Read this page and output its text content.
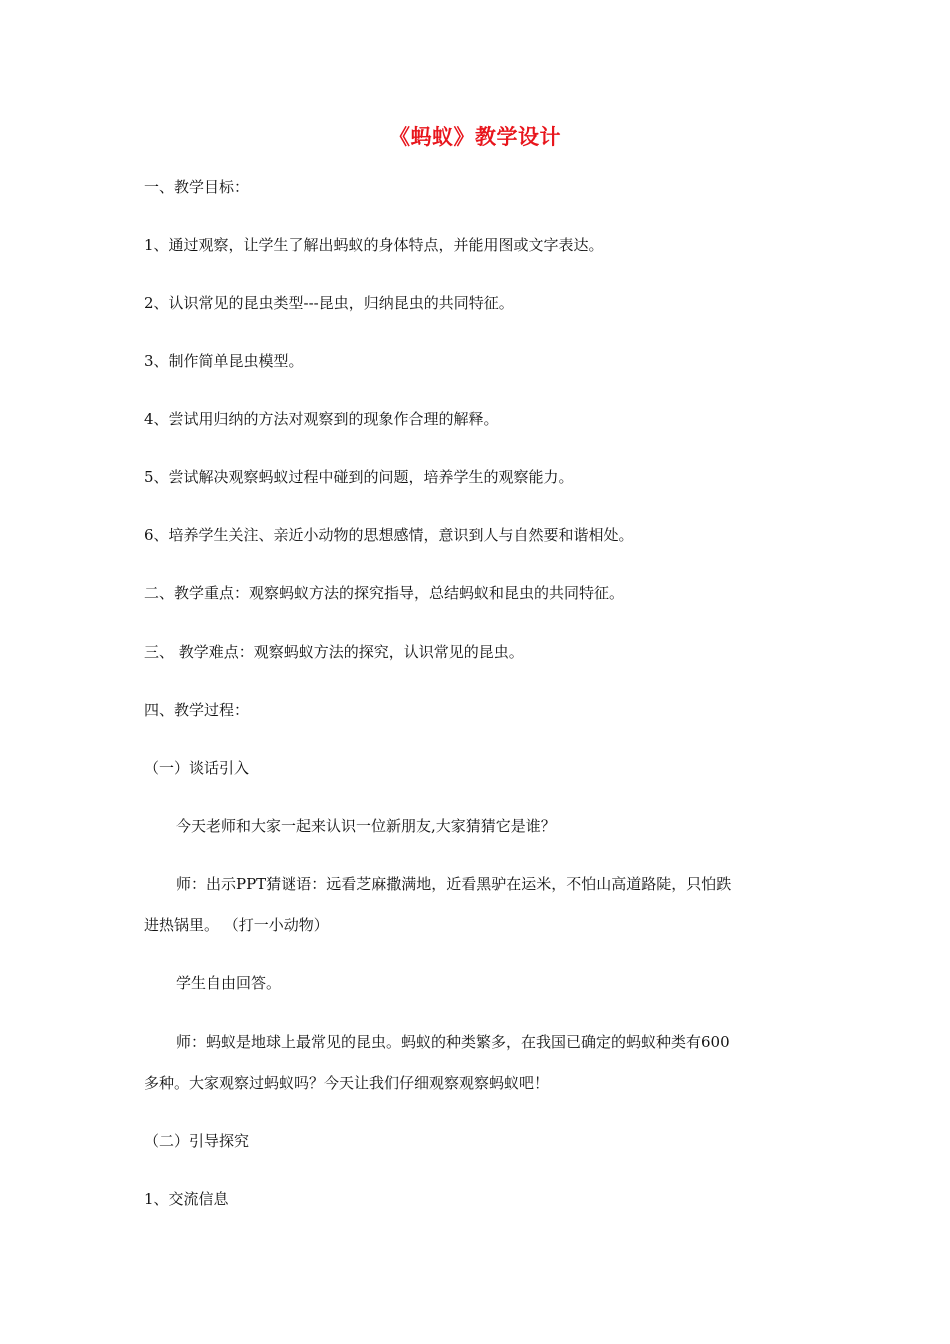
《蚂蚁》教学设计
一、教学目标：
1、通过观察，让学生了解出蚂蚁的身体特点，并能用图或文字表达。
2、认识常见的昆虫类型---昆虫，归纳昆虫的共同特征。
3、制作简单昆虫模型。
4、尝试用归纳的方法对观察到的现象作合理的解释。
5、尝试解决观察蚂蚁过程中碰到的问题，培养学生的观察能力。
6、培养学生关注、亲近小动物的思想感情，意识到人与自然要和谐相处。
二、教学重点：观察蚂蚁方法的探究指导，总结蚂蚁和昆虫的共同特征。
三、 教学难点：观察蚂蚁方法的探究，认识常见的昆虫。
四、教学过程：
（一）谈话引入
今天老师和大家一起来认识一位新朋友,大家猜猜它是谁？
师：出示PPT猜谜语：远看芝麻撒满地，近看黑驴在运米，不怕山高道路陡，只怕跌
进热锅里。 （打一小动物）
学生自由回答。
师：蚂蚁是地球上最常见的昆虫。蚂蚁的种类繁多，在我国已确定的蚂蚁种类有600
多种。大家观察过蚂蚁吗？今天让我们仔细观察观察蚂蚁吧！
（二）引导探究
1、交流信息
